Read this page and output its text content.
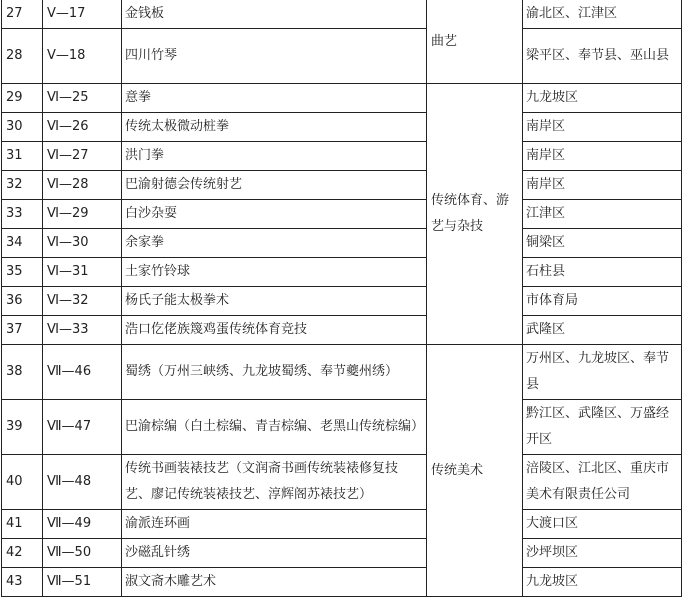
27	Ⅴ—17	金钱板	曲艺	渝北区、江津区
28	Ⅴ—18	四川竹琴		梁平区、奉节县、巫山县
29	Ⅵ—25	意拳	传统体育、游艺与杂技	九龙坡区
30	Ⅵ—26	传统太极微动桩拳		南岸区
31	Ⅵ—27	洪门拳		南岸区
32	Ⅵ—28	巴渝射德会传统射艺		南岸区
33	Ⅵ—29	白沙杂耍		江津区
34	Ⅵ—30	余家拳		铜梁区
35	Ⅵ—31	土家竹铃球		石柱县
36	Ⅵ—32	杨氏子能太极拳术		市体育局
37	Ⅵ—33	浩口仡佬族篾鸡蛋传统体育竞技		武隆区
38	Ⅶ—46	蜀绣（万州三峡绣、九龙坡蜀绣、奉节夔州绣）	传统美术	万州区、九龙坡区、奉节县
39	Ⅶ—47	巴渝棕编（白土棕编、青吉棕编、老黑山传统棕编）		黔江区、武隆区、万盛经开区
40	Ⅶ—48	传统书画装裱技艺（文润斋书画传统装裱修复技艺、廖记传统装裱技艺、淳辉阁苏裱技艺）		涪陵区、江北区、重庆市美术有限责任公司
41	Ⅶ—49	渝派连环画		大渡口区
42	Ⅶ—50	沙磁乱针绣		沙坪坝区
43	Ⅶ—51	淑文斋木雕艺术		九龙坡区
